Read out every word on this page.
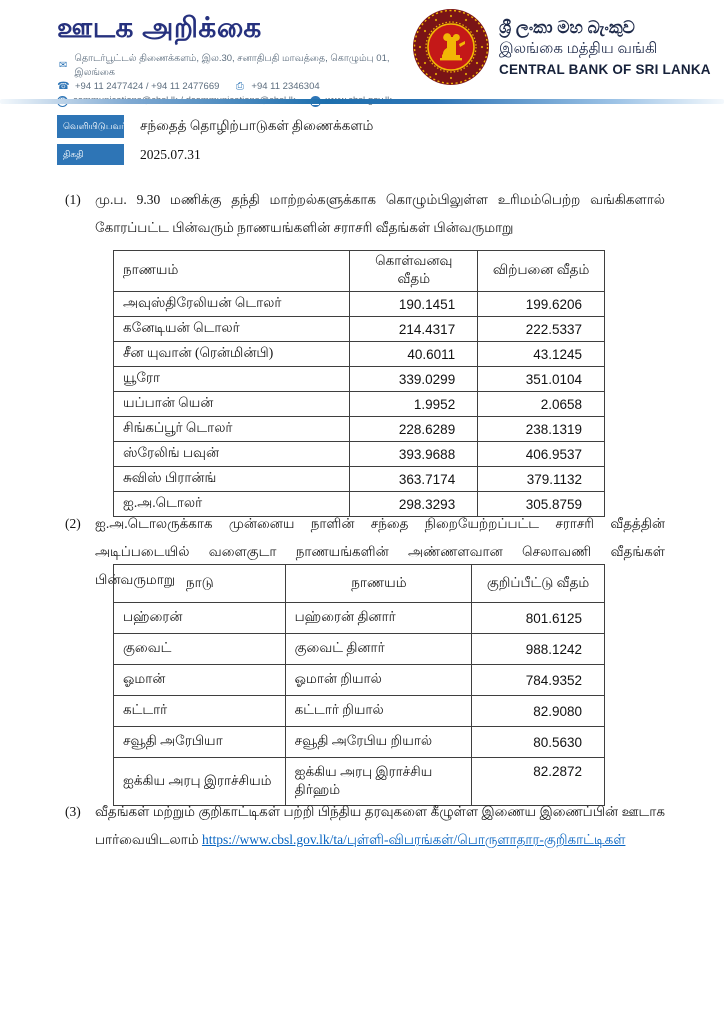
ஊடக அறிக்கை
✉
தொடர்பூட்டல் திணைக்களம், இல.30, சனாதிபதி மாவத்தை, கொழும்பு 01, இலங்கை
☎ +94 11 2477424 / +94 11 2477669 ⎙ +94 11 2346304
ශ්‍රී ලංකා මහ බැංකුව
இலங்கை மத்திய வங்கி
CENTRAL BANK OF SRI LANKA
வெளியிடுபவர் சந்தைத் தொழிற்பாடுகள் திணைக்களம்
திகதி	2025.07.31
(1)	மு.ப. 9.30 மணிக்கு தந்தி மாற்றல்களுக்காக கொழும்பிலுள்ள உரிமம்பெற்ற வங்கிகளால் கோரப்பட்ட பின்வரும் நாணயங்களின் சராசரி வீதங்கள் பின்வருமாறு
நாணயம்	கொள்வனவு வீதம்	விற்பனை வீதம்
அவுஸ்திரேலியன் டொலர்	190.1451	199.6206
கனேடியன் டொலர்	214.4317	222.5337
சீன யுவான் (ரென்மின்பி)	40.6011	43.1245
யூரோ	339.0299	351.0104
யப்பான் யென்	1.9952	2.0658
சிங்கப்பூர் டொலர்	228.6289	238.1319
ஸ்ரேலிங் பவுன்	393.9688	406.9537
சுவிஸ் பிரான்ங்	363.7174	379.1132
ஐ.அ.டொலர்	298.3293	305.8759
(2)	ஐ.அ.டொலருக்காக முன்னைய நாளின் சந்தை நிறையேற்றப்பட்ட சராசரி வீதத்தின் அடிப்படையில் வளைகுடா நாணயங்களின் அண்ணளவான செலாவணி வீதங்கள் பின்வருமாறு நாடு	நாணயம்	குறிப்பீட்டு வீதம்
பஹ்ரைன்	பஹ்ரைன் தினார்	801.6125
குவைட்	குவைட் தினார்	988.1242
ஓமான்	ஓமான் றியால்	784.9352
கட்டார்	கட்டார் றியால்	82.9080
சவூதி அரேபியா	சவூதி அரேபிய றியால்	80.5630
ஐக்கிய அரபு இராச்சியம்	ஐக்கிய அரபு இராச்சிய திர்ஹம்	82.2872
(3)	வீதங்கள் மற்றும் குறிகாட்டிகள் பற்றி பிந்திய தரவுகளை கீழுள்ள இணைய இணைப்பின் ஊடாக பார்வையிடலாம் https://www.cbsl.gov.lk/ta/புள்ளி-விபரங்கள்/பொருளாதார-குறிகாட்டிகள்
